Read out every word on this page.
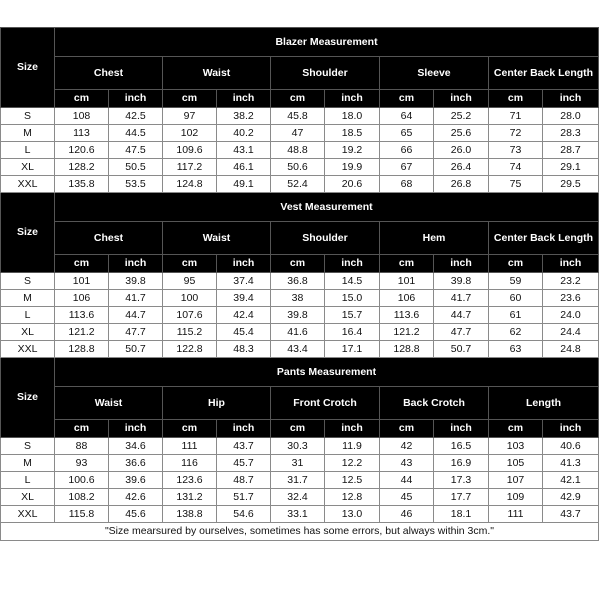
Size	Blazer Measurement									
	Chest		Waist		Shoulder		Sleeve		Center Back Length	
	cm	inch	cm	inch	cm	inch	cm	inch	cm	inch
S	108	42.5	97	38.2	45.8	18.0	64	25.2	71	28.0
M	113	44.5	102	40.2	47	18.5	65	25.6	72	28.3
L	120.6	47.5	109.6	43.1	48.8	19.2	66	26.0	73	28.7
XL	128.2	50.5	117.2	46.1	50.6	19.9	67	26.4	74	29.1
XXL	135.8	53.5	124.8	49.1	52.4	20.6	68	26.8	75	29.5
Size	Vest Measurement									
	Chest		Waist		Shoulder		Hem		Center Back Length	
	cm	inch	cm	inch	cm	inch	cm	inch	cm	inch
S	101	39.8	95	37.4	36.8	14.5	101	39.8	59	23.2
M	106	41.7	100	39.4	38	15.0	106	41.7	60	23.6
L	113.6	44.7	107.6	42.4	39.8	15.7	113.6	44.7	61	24.0
XL	121.2	47.7	115.2	45.4	41.6	16.4	121.2	47.7	62	24.4
XXL	128.8	50.7	122.8	48.3	43.4	17.1	128.8	50.7	63	24.8
Size	Pants Measurement									
	Waist		Hip		Front Crotch		Back Crotch		Length	
	cm	inch	cm	inch	cm	inch	cm	inch	cm	inch
S	88	34.6	111	43.7	30.3	11.9	42	16.5	103	40.6
M	93	36.6	116	45.7	31	12.2	43	16.9	105	41.3
L	100.6	39.6	123.6	48.7	31.7	12.5	44	17.3	107	42.1
XL	108.2	42.6	131.2	51.7	32.4	12.8	45	17.7	109	42.9
XXL	115.8	45.6	138.8	54.6	33.1	13.0	46	18.1	111	43.7
"Size mearsured by ourselves, sometimes has some errors, but always within 3cm."										
